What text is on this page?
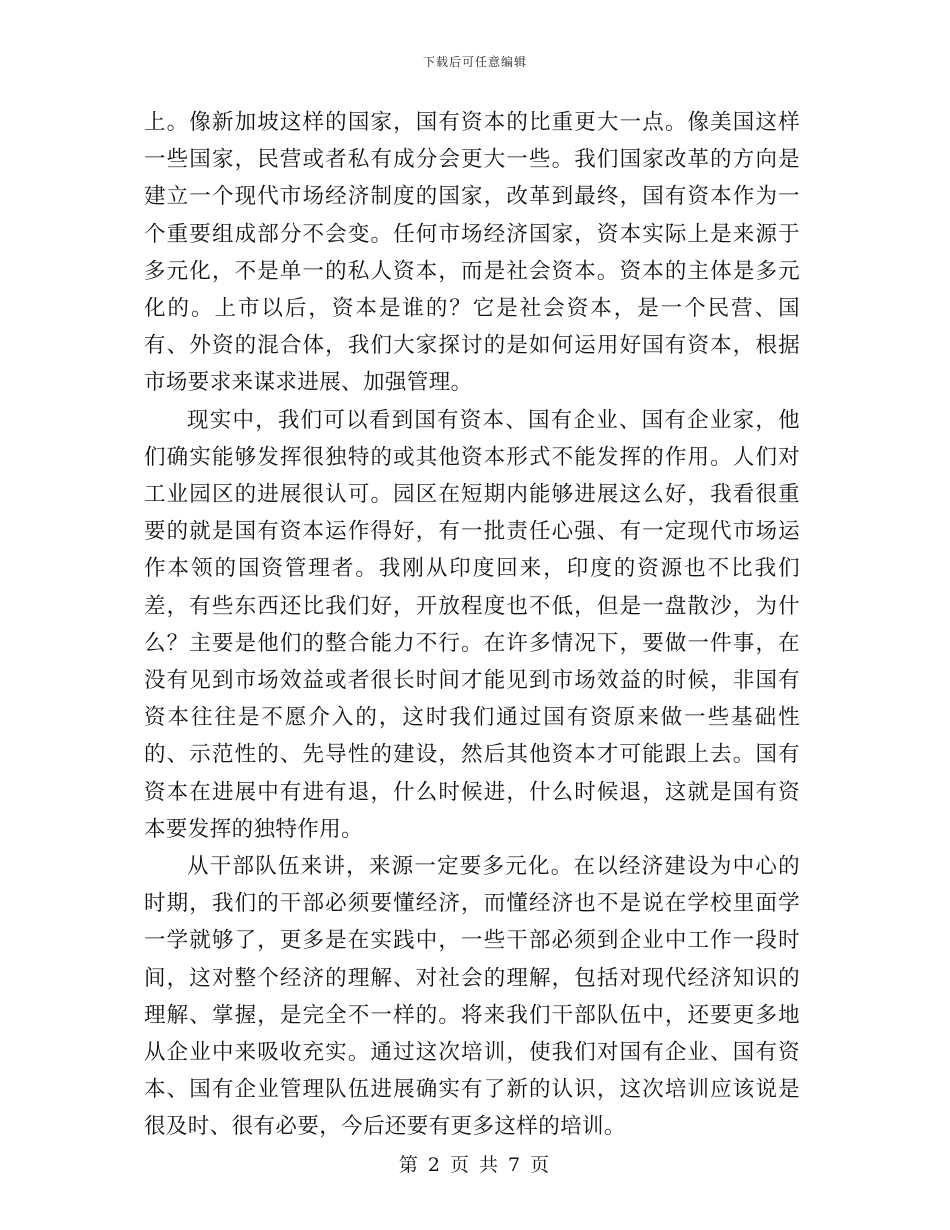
下载后可任意编辑

上。像新加坡这样的国家，国有资本的比重更大一点。像美国这样一些国家，民营或者私有成分会更大一些。我们国家改革的方向是建立一个现代市场经济制度的国家，改革到最终，国有资本作为一个重要组成部分不会变。任何市场经济国家，资本实际上是来源于多元化，不是单一的私人资本，而是社会资本。资本的主体是多元化的。上市以后，资本是谁的？它是社会资本，是一个民营、国有、外资的混合体，我们大家探讨的是如何运用好国有资本，根据市场要求来谋求进展、加强管理。

现实中，我们可以看到国有资本、国有企业、国有企业家，他们确实能够发挥很独特的或其他资本形式不能发挥的作用。人们对工业园区的进展很认可。园区在短期内能够进展这么好，我看很重要的就是国有资本运作得好，有一批责任心强、有一定现代市场运作本领的国资管理者。我刚从印度回来，印度的资源也不比我们差，有些东西还比我们好，开放程度也不低，但是一盘散沙，为什么？主要是他们的整合能力不行。在许多情况下，要做一件事，在没有见到市场效益或者很长时间才能见到市场效益的时候，非国有资本往往是不愿介入的，这时我们通过国有资原来做一些基础性的、示范性的、先导性的建设，然后其他资本才可能跟上去。国有资本在进展中有进有退，什么时候进，什么时候退，这就是国有资本要发挥的独特作用。

从干部队伍来讲，来源一定要多元化。在以经济建设为中心的时期，我们的干部必须要懂经济，而懂经济也不是说在学校里面学一学就够了，更多是在实践中，一些干部必须到企业中工作一段时间，这对整个经济的理解、对社会的理解，包括对现代经济知识的理解、掌握，是完全不一样的。将来我们干部队伍中，还要更多地从企业中来吸收充实。通过这次培训，使我们对国有企业、国有资本、国有企业管理队伍进展确实有了新的认识，这次培训应该说是很及时、很有必要，今后还要有更多这样的培训。

第 2 页 共 7 页
